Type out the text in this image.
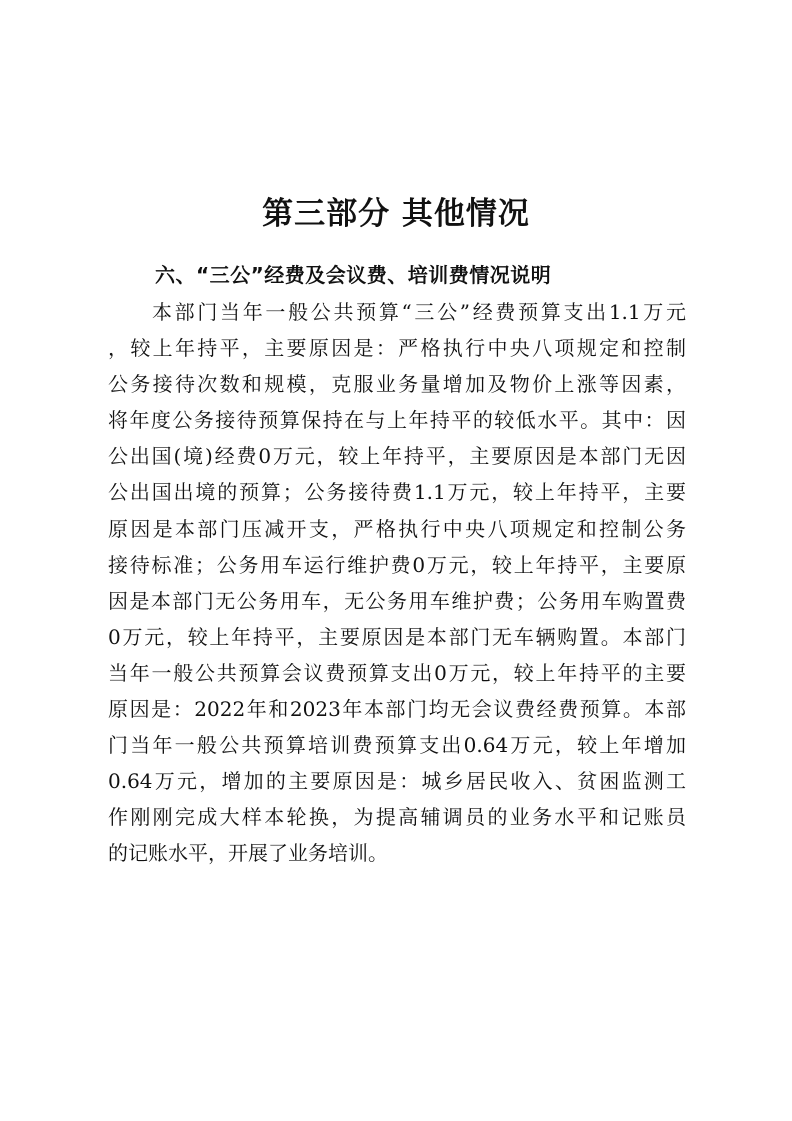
第三部分 其他情况
六、“三公”经费及会议费、培训费情况说明
本部门当年一般公共预算“三公”经费预算支出1.1万元
，较上年持平，主要原因是：严格执行中央八项规定和控制
公务接待次数和规模，克服业务量增加及物价上涨等因素，
将年度公务接待预算保持在与上年持平的较低水平。其中：因
公出国(境)经费0万元，较上年持平，主要原因是本部门无因
公出国出境的预算；公务接待费1.1万元，较上年持平，主要
原因是本部门压减开支，严格执行中央八项规定和控制公务
接待标准；公务用车运行维护费0万元，较上年持平，主要原
因是本部门无公务用车，无公务用车维护费；公务用车购置费
0万元，较上年持平，主要原因是本部门无车辆购置。本部门
当年一般公共预算会议费预算支出0万元，较上年持平的主要
原因是：2022年和2023年本部门均无会议费经费预算。本部
门当年一般公共预算培训费预算支出0.64万元，较上年增加
0.64万元，增加的主要原因是：城乡居民收入、贫困监测工
作刚刚完成大样本轮换，为提高辅调员的业务水平和记账员
的记账水平，开展了业务培训。
